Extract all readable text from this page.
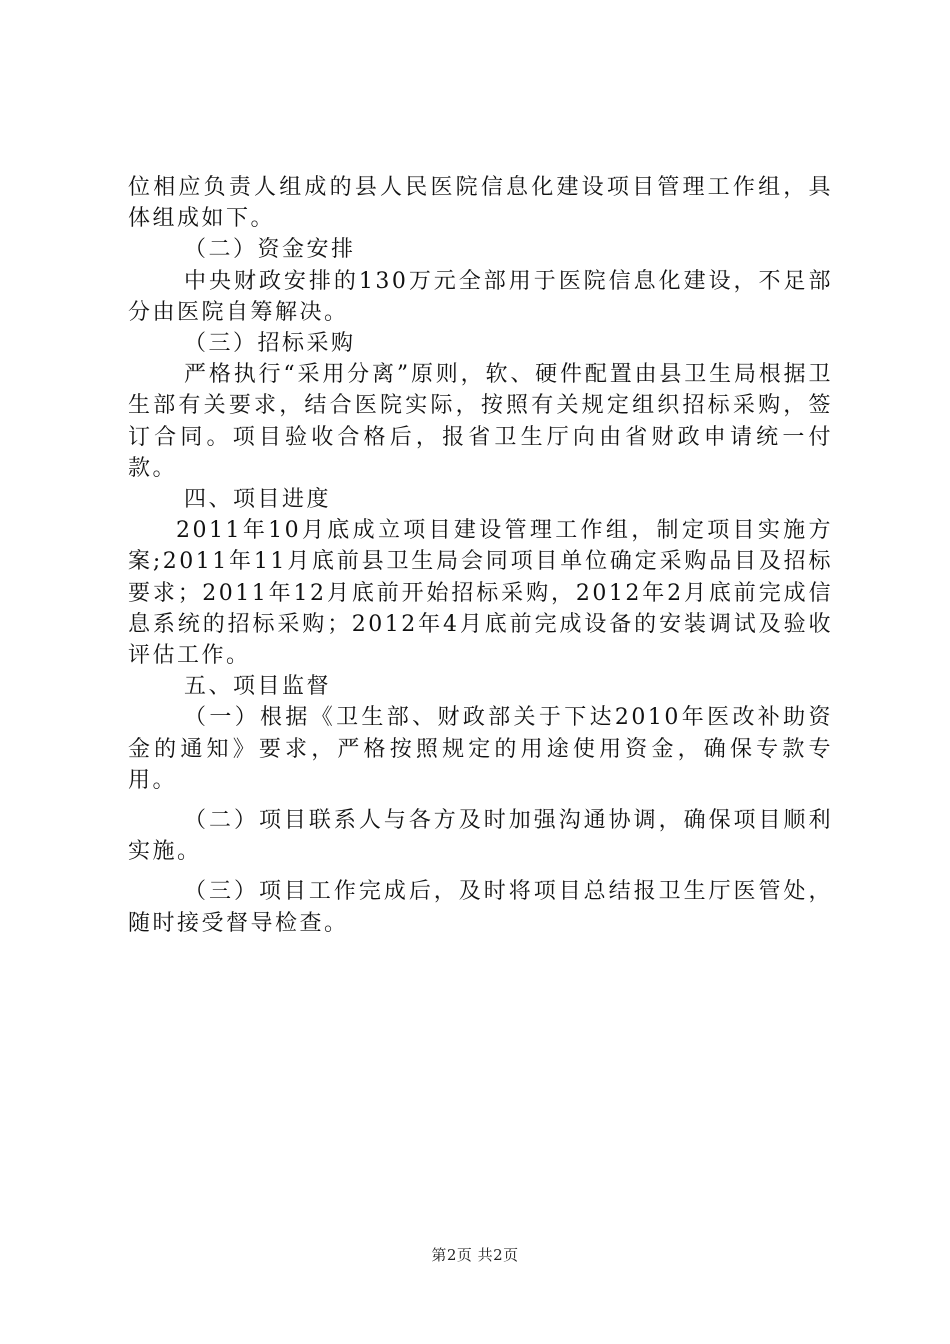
位相应负责人组成的县人民医院信息化建设项目管理工作组，具体组成如下。

（二）资金安排

中央财政安排的130万元全部用于医院信息化建设，不足部分由医院自筹解决。

（三）招标采购

严格执行“采用分离”原则，软、硬件配置由县卫生局根据卫生部有关要求，结合医院实际，按照有关规定组织招标采购，签订合同。项目验收合格后，报省卫生厅向由省财政申请统一付款。

四、项目进度

2011年10月底成立项目建设管理工作组，制定项目实施方案;2011年11月底前县卫生局会同项目单位确定采购品目及招标要求；2011年12月底前开始招标采购，2012年2月底前完成信息系统的招标采购；2012年4月底前完成设备的安装调试及验收评估工作。

五、项目监督

（一）根据《卫生部、财政部关于下达2010年医改补助资金的通知》要求，严格按照规定的用途使用资金，确保专款专用。

（二）项目联系人与各方及时加强沟通协调，确保项目顺利实施。

（三）项目工作完成后，及时将项目总结报卫生厅医管处，随时接受督导检查。

第2页 共2页
